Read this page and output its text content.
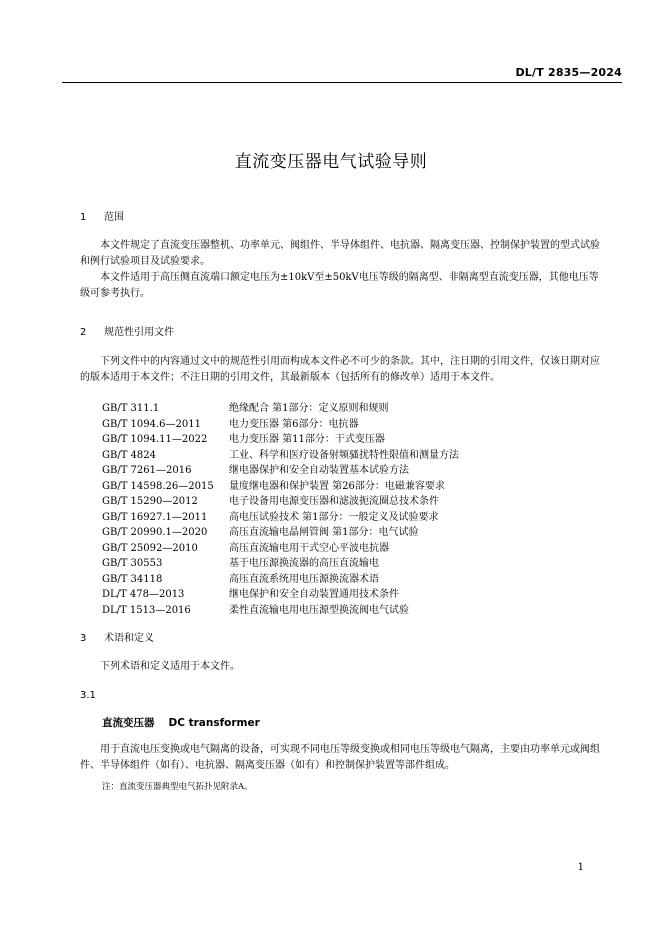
DL/T 2835—2024
直流变压器电气试验导则
1 范围
本文件规定了直流变压器整机、功率单元、阀组件、半导体组件、电抗器、隔离变压器、控制保护装置的型式试验和例行试验项目及试验要求。
本文件适用于高压侧直流端口额定电压为±10kV至±50kV电压等级的隔离型、非隔离型直流变压器，其他电压等级可参考执行。
2 规范性引用文件
下列文件中的内容通过文中的规范性引用而构成本文件必不可少的条款。其中，注日期的引用文件，仅该日期对应的版本适用于本文件；不注日期的引用文件，其最新版本（包括所有的修改单）适用于本文件。
GB/T 311.1	绝缘配合 第1部分：定义原则和规则
GB/T 1094.6—2011	电力变压器 第6部分：电抗器
GB/T 1094.11—2022 电力变压器 第11部分：干式变压器
GB/T 4824	工业、科学和医疗设备射频骚扰特性限值和测量方法
GB/T 7261—2016	继电器保护和安全自动装置基本试验方法
GB/T 14598.26—2015 量度继电器和保护装置 第26部分：电磁兼容要求
GB/T 15290—2012	电子设备用电源变压器和滤波扼流圈总技术条件
GB/T 16927.1—2011 高电压试验技术 第1部分：一般定义及试验要求
GB/T 20990.1—2020 高压直流输电晶闸管阀 第1部分：电气试验
GB/T 25092—2010	高压直流输电用干式空心平波电抗器
GB/T 30553	基于电压源换流器的高压直流输电
GB/T 34118	高压直流系统用电压源换流器术语
DL/T 478—2013	继电保护和安全自动装置通用技术条件
DL/T 1513—2016	柔性直流输电用电压源型换流阀电气试验
3 术语和定义
下列术语和定义适用于本文件。
3.1
直流变压器 DC transformer
用于直流电压变换或电气隔离的设备，可实现不同电压等级变换或相同电压等级电气隔离，主要由功率单元或阀组件、半导体组件（如有）、电抗器、隔离变压器（如有）和控制保护装置等部件组成。
注：直流变压器典型电气拓扑见附录A。
1
